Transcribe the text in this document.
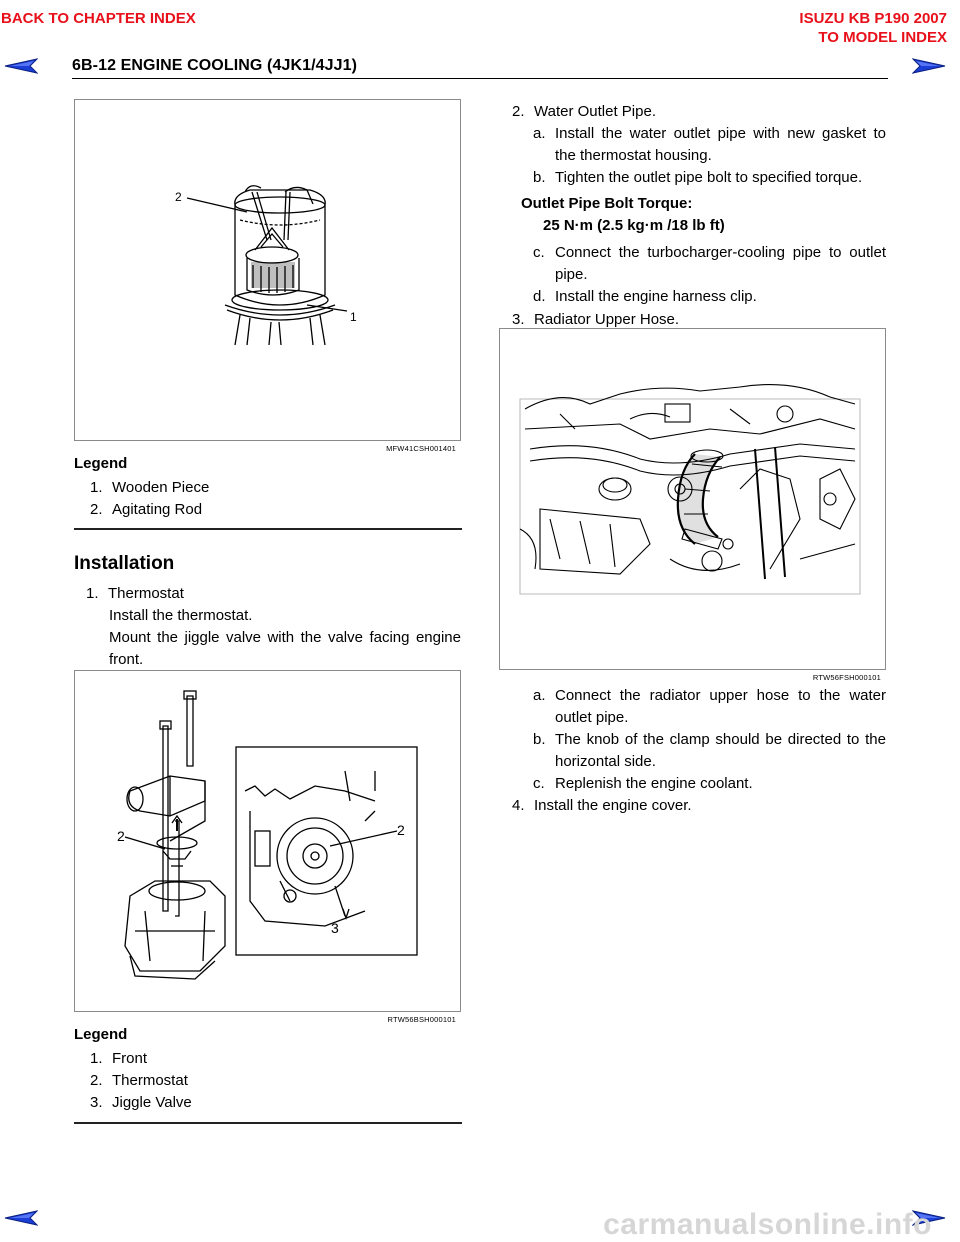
BACK TO CHAPTER INDEX	ISUZU KB P190 2007
TO MODEL INDEX
6B-12 ENGINE COOLING (4JK1/4JJ1)
2
1
MFW41CSH001401
Legend
1. Wooden Piece
2. Agitating Rod
Installation
1. Thermostat
Install the thermostat.
Mount the jiggle valve with the valve facing engine front.
2	2
3
RTW56BSH000101
Legend
1. Front
2. Thermostat
3. Jiggle Valve
2. Water Outlet Pipe.
a. Install the water outlet pipe with new gasket to the thermostat housing.
b. Tighten the outlet pipe bolt to specified torque.
Outlet Pipe Bolt Torque:
25 N·m (2.5 kg·m /18 lb ft)
c. Connect the turbocharger-cooling pipe to outlet pipe.
d. Install the engine harness clip.
3. Radiator Upper Hose.
RTW56FSH000101
a. Connect the radiator upper hose to the water outlet pipe.
b. The knob of the clamp should be directed to the horizontal side.
c. Replenish the engine coolant.
4. Install the engine cover.
carmanualsonline.info
